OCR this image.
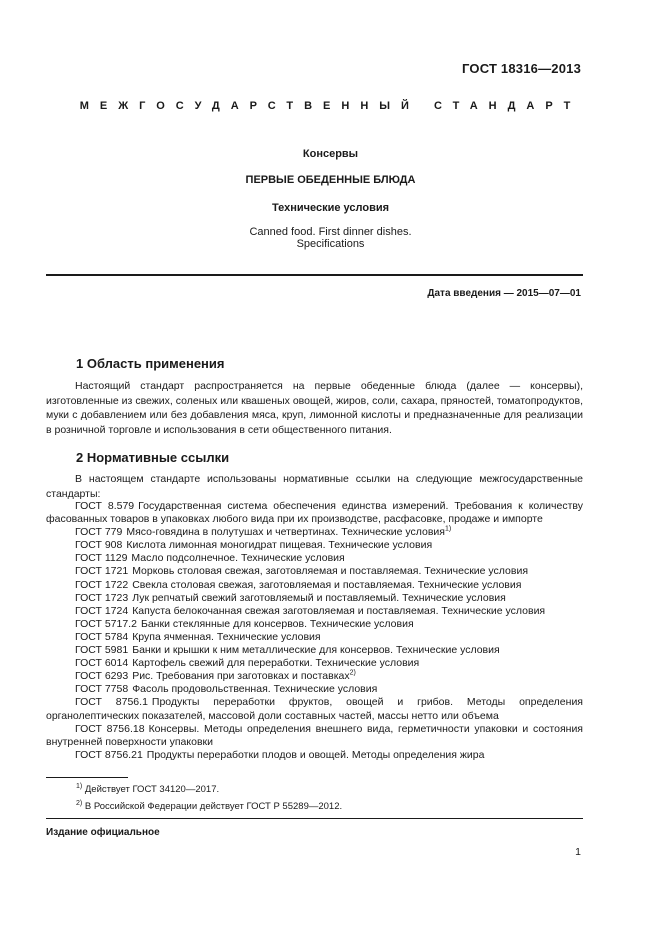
ГОСТ 18316—2013
МЕЖГОСУДАРСТВЕННЫЙ СТАНДАРТ
Консервы
ПЕРВЫЕ ОБЕДЕННЫЕ БЛЮДА
Технические условия
Canned food. First dinner dishes.
Specifications
Дата введения — 2015—07—01
1 Область применения
Настоящий стандарт распространяется на первые обеденные блюда (далее — консервы), изготовленные из свежих, соленых или квашеных овощей, жиров, соли, сахара, пряностей, томатопродуктов, муки с добавлением или без добавления мяса, круп, лимонной кислоты и предназначенные для реализации в розничной торговле и использования в сети общественного питания.
2 Нормативные ссылки
В настоящем стандарте использованы нормативные ссылки на следующие межгосударственные стандарты:
ГОСТ 8.579 Государственная система обеспечения единства измерений. Требования к количеству фасованных товаров в упаковках любого вида при их производстве, расфасовке, продаже и импорте
ГОСТ 779 Мясо-говядина в полутушах и четвертинах. Технические условия$^{1)}$
ГОСТ 908 Кислота лимонная моногидрат пищевая. Технические условия
ГОСТ 1129 Масло подсолнечное. Технические условия
ГОСТ 1721 Морковь столовая свежая, заготовляемая и поставляемая. Технические условия
ГОСТ 1722 Свекла столовая свежая, заготовляемая и поставляемая. Технические условия
ГОСТ 1723 Лук репчатый свежий заготовляемый и поставляемый. Технические условия
ГОСТ 1724 Капуста белокочанная свежая заготовляемая и поставляемая. Технические условия
ГОСТ 5717.2 Банки стеклянные для консервов. Технические условия
ГОСТ 5784 Крупа ячменная. Технические условия
ГОСТ 5981 Банки и крышки к ним металлические для консервов. Технические условия
ГОСТ 6014 Картофель свежий для переработки. Технические условия
ГОСТ 6293 Рис. Требования при заготовках и поставках$^{2)}$
ГОСТ 7758 Фасоль продовольственная. Технические условия
ГОСТ 8756.1 Продукты переработки фруктов, овощей и грибов. Методы определения органолептических показателей, массовой доли составных частей, массы нетто или объема
ГОСТ 8756.18 Консервы. Методы определения внешнего вида, герметичности упаковки и состояния внутренней поверхности упаковки
ГОСТ 8756.21 Продукты переработки плодов и овощей. Методы определения жира
$^{1)}$ Действует ГОСТ 34120—2017.
$^{2)}$ В Российской Федерации действует ГОСТ Р 55289—2012.
Издание официальное
1
